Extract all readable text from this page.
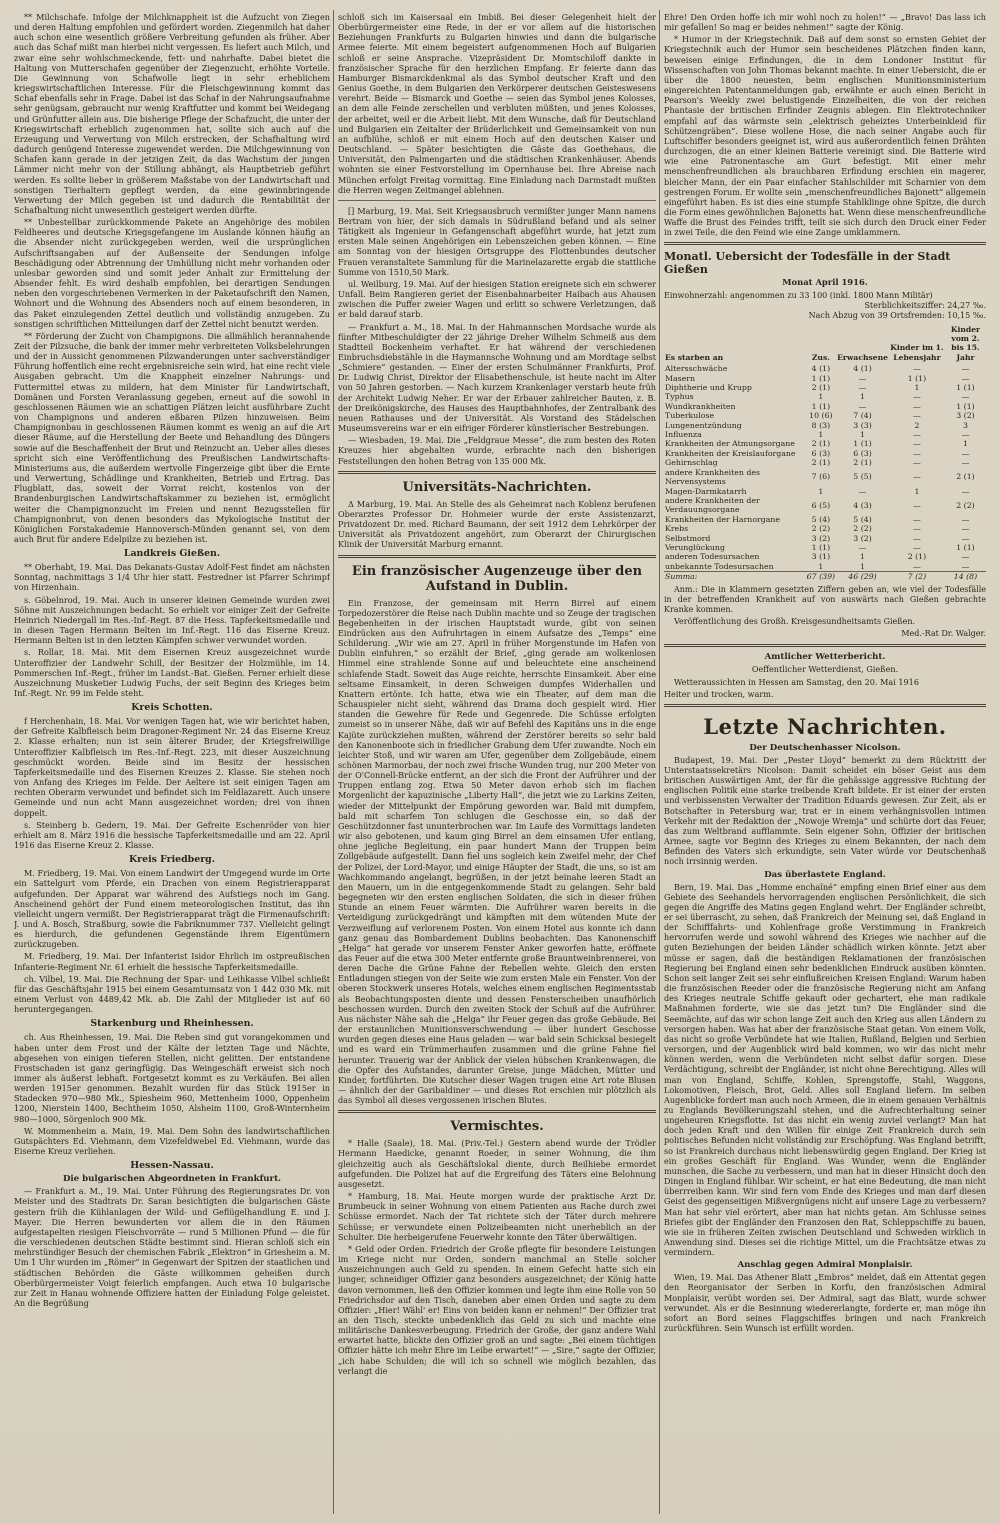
** Milchschafe. Infolge der Milchknappheit ist die Aufzucht von Ziegen und deren Haltung empfohlen und gefördert worden. Ziegenmilch hat daher auch schon eine wesentlich größere Verbreitung gefunden als früher. Aber auch das Schaf mißt man hierbei nicht vergessen. Es liefert auch Milch, und zwar eine sehr wohlschmeckende, fett- und nahrhafte. Dabei bietet die Haltung von Mutterschafen gegenüber der Ziegenzucht, erhöhte Vorteile. Die Gewinnung von Schafwolle liegt in sehr erheblichem kriegswirtschaftlichen Interesse. Für die Fleischgewinnung kommt das Schaf ebenfalls sehr in Frage. Dabei ist das Schaf in der Nahrungsaufnahme sehr genügsam, gebraucht nur wenig Kraftfutter und kommt bei Weidegang und Grünfutter allein aus. Die bisherige Pflege der Schafzucht, die unter der Kriegswirtschaft erheblich zugenommen hat, sollte sich auch auf die Erzeugung und Verwertung von Milch erstrecken, der Schafhaltung wird dadurch genügend Interesse zugewendet werden. Die Milchgewinnung von Schafen kann gerade in der jetzigen Zeit, da das Wachstum der jungen Lämmer nicht mehr von der Stillung abhängt, als Hauptbetrieb geführt werden. Es sollte lieber in größerem Maßstabe von der Landwirtschaft und sonstigen Tierhaltern gepflegt werden, da eine gewinnbringende Verwertung der Milch gegeben ist und dadurch die Rentabilität der Schafhaltung nicht unwesentlich gesteigert werden dürfte.

** Unbestellbar zurückkommende Pakete an Angehörige des mobilen Feldheeres und deutsche Kriegsgefangene im Auslande können häufig an die Absender nicht zurückgegeben werden, weil die ursprünglichen Aufschriftsangaben auf der Außenseite der Sendungen infolge Beschädigung oder Abtrennung der Umhüllung nicht mehr vorhanden oder unlesbar geworden sind und somit jeder Anhalt zur Ermittelung der Absender fehlt. Es wird deshalb empfohlen, bei derartigen Sendungen neben den vorgeschriebenen Vermerken in der Paketaufschrift den Namen, Wohnort und die Wohnung des Absenders noch auf einem besonderen, in das Paket einzulegenden Zettel deutlich und vollständig anzugeben. Zu sonstigen schriftlichen Mitteilungen darf der Zettel nicht benutzt werden.

** Förderung der Zucht von Champignons. Die allmählich herannahende Zeit der Pilzsuche, die bank der immer mehr verbreiteten Volksbelehrungen und der in Aussicht genommenen Pilzwanderungen unter sachverständiger Führung hoffentlich eine recht ergebnisreiche sein wird, hat eine recht viele Ausgaben gebracht. Um die Knappheit einzelner Nahrungs- und Futtermittel etwas zu mildern, hat dem Minister für Landwirtschaft, Domänen und Forsten Veranlassung gegeben, erneut auf die sowohl in geschlossenen Räumen wie an schattigen Plätzen leicht ausführbare Zucht von Champignons und anderen eßbaren Pilzen hinzuweisen. Beim Champignonbau in geschlossenen Räumen kommt es wenig an auf die Art dieser Räume, auf die Herstellung der Beete und Behandlung des Düngers sowie auf die Beschaffenheit der Brut und Reinzucht an. Ueber alles dieses spricht sich eine Veröffentlichung des Preußischen Landwirtschafts-Ministeriums aus, die außerdem wertvolle Fingerzeige gibt über die Ernte und Verwertung, Schädlinge und Krankheiten, Betrieb und Ertrag. Das Flugblatt, das, soweit der Vorrat reicht, kostenlos von der Brandenburgischen Landwirtschaftskammer zu beziehen ist, ermöglicht weiter die Champignonzucht im Freien und nennt Bezugsstellen für Champignonbrut, von denen besonders das Mykologische Institut der Königlichen Forstakademie Hannoversch-Münden genannt sei, von dem auch Brut für andere Edelpilze zu beziehen ist.

Landkreis Gießen.

** Oberhabt, 19. Mai. Das Dekanats-Gustav Adolf-Fest findet am nächsten Sonntag, nachmittags 3 1/4 Uhr hier statt. Festredner ist Pfarrer Schrimpf von Hirzenhain.

s. Göbelnrod, 19. Mai. Auch in unserer kleinen Gemeinde wurden zwei Söhne mit Auszeichnungen bedacht. So erhielt vor einiger Zeit der Gefreite Heinrich Niedergall im Res.-Inf.-Regt. 87 die Hess. Tapferkeitsmedaille und in diesen Tagen Hermann Belten im Inf.-Regt. 116 das Eiserne Kreuz. Hermann Belten ist in den letzten Kämpfen schwer verwundet worden.

s. Rollar, 18. Mai. Mit dem Eisernen Kreuz ausgezeichnet wurde Unteroffizier der Landwehr Schill, der Besitzer der Holzmühle, im 14. Pommerschen Inf.-Regt., früher im Landst.-Bat. Gießen. Ferner erhielt diese Auszeichnung Musketier Ludwig Fuchs, der seit Beginn des Krieges beim Inf.-Regt. Nr. 99 im Felde steht.

Kreis Schotten.

f Herchenhain, 18. Mai. Vor wenigen Tagen hat, wie wir berichtet haben, der Gefreite Kalbfleisch beim Dragoner-Regiment Nr. 24 das Eiserne Kreuz 2. Klasse erhalten; nun ist sein älterer Bruder, der Kriegsfreiwillige Unteroffizier Kalbfleisch im Res.-Inf.-Regt. 223, mit dieser Auszeichnung geschmückt worden. Beide sind im Besitz der hessischen Tapferkeitsmedaille und des Eisernen Kreuzes 2. Klasse. Sie stehen noch von Anfang des Krieges im Felde. Der Aeltere ist seit einigen Tagen am rechten Oberarm verwundet und befindet sich im Feldlazarett. Auch unsere Gemeinde und nun acht Mann ausgezeichnet worden; drei von ihnen doppelt.

s. Steinberg b. Gedern, 19. Mai. Der Gefreite Eschenröder von hier erhielt am 8. März 1916 die hessische Tapferkeitsmedaille und am 22. April 1916 das Eiserne Kreuz 2. Klasse.

Kreis Friedberg.

M. Friedberg, 19. Mai. Von einem Landwirt der Umgegend wurde im Orte ein Sattelgurt vom Pferde, ein Drachen von einem Registrierapparat aufgefunden. Der Apparat war während des Aufstiegs noch im Gang. Anscheinend gehört der Fund einem meteorologischen Institut, das ihn vielleicht ungern vermißt. Der Registrierapparat trägt die Firmenaufschrift: J. und A. Bosch, Straßburg, sowie die Fabriknummer 737. Vielleicht gelingt es hierdurch, die gefundenen Gegenstände ihrem Eigentümern zurückzugeben.

M. Friedberg, 19. Mai. Der Infanterist Isidor Ehrlich im ostpreußischen Infanterie-Regiment Nr. 61 erhielt die hessische Tapferkeitsmedaille.

ch. Vilbel, 19. Mai. Die Rechnung der Spar- und Leihkasse Vilbel schließt für das Geschäftsjahr 1915 bei einem Gesamtumsatz von 1 442 030 Mk. mit einem Verlust von 4489,42 Mk. ab. Die Zahl der Mitglieder ist auf 60 heruntergegangen.

Starkenburg und Rheinhessen.

ch. Aus Rheinhessen, 19. Mai. Die Reben sind gut vorangekommen und haben unter dem Frost und der Kälte der letzten Tage und Nächte, abgesehen von einigen tieferen Stellen, nicht gelitten. Der entstandene Frostschaden ist ganz geringfügig. Das Weingeschäft erweist sich noch immer als äußerst lebhaft. Fortgesetzt kommt es zu Verkäufen. Bei allen werden 1915er genommen. Bezahlt wurden für das Stück 1915er in Stadecken 970—980 Mk., Spiesheim 960, Mettenheim 1000, Oppenheim 1200, Nierstein 1400, Bechtheim 1050, Alsheim 1100, Groß-Winternheim 980—1000, Sörgenloch 900 Mk.

W. Mommenheim a. Main, 19. Mai. Dem Sohn des landwirtschaftlichen Gutspächters Ed. Viehmann, dem Vizefeldwebel Ed. Viehmann, wurde das Eiserne Kreuz verliehen.

Hessen-Nassau.
Die bulgarischen Abgeordneten in Frankfurt.

— Frankfurt a. M., 19. Mai. Unter Führung des Regierungsrates Dr. von Meister und des Stadtrats Dr. Saran besichtigten die bulgarischen Gäste gestern früh die Kühlanlagen der Wild- und Geflügelhandlung E. und J. Mayer. Die Herren bewunderten vor allem die in den Räumen aufgestapelten riesigen Fleischvorräte — rund 5 Millionen Pfund — die für die verschiedenen deutschen Städte bestimmt sind. Hieran schloß sich ein mehrstündiger Besuch der chemischen Fabrik „Elektron“ in Griesheim a. M. Um 1 Uhr wurden im „Römer“ in Gegenwart der Spitzen der staatlichen und städtischen Behörden die Gäste willkommen geheißen durch Oberbürgermeister Voigt feierlich empfangen. Auch etwa 10 bulgarische zur Zeit in Hanau wohnende Offiziere hatten der Einladung Folge geleistet. An die Begrüßung

schloß sich im Kaisersaal ein Imbiß. Bei dieser Gelegenheit hielt der Oberbürgermeister eine Rede, in der er vor allem auf die historischen Beziehungen Frankfurts zu Bulgarien hinwies und dann die bulgarische Armee feierte. Mit einem begeistert aufgenommenen Hoch auf Bulgarien schloß er seine Ansprache. Vizepräsident Dr. Momtschiloff dankte in französischer Sprache für den herzlichen Empfang. Er feierte dann das Hamburger Bismarckdenkmal als das Symbol deutscher Kraft und den Genius Goethe, in dem Bulgarien den Verkörperer deutschen Geisteswesens verehrt. Beide — Bismarck und Goethe — seien das Symbol jenes Kolosses, an dem alle Feinde zerschellen und verbluten müßten, und jenes Kolosses, der arbeitet, weil er die Arbeit liebt. Mit dem Wunsche, daß für Deutschland und Bulgarien ein Zeitalter der Brüderlichkeit und Gemeinsamkeit von nun an aufblühe, schloß er mit einem Hoch auf den deutschen Kaiser und Deutschland. — Später besichtigten die Gäste das Goethehaus, die Universität, den Palmengarten und die städtischen Krankenhäuser. Abends wohnten sie einer Festvorstellung im Opernhause bei. Ihre Abreise nach München erfolgt Freitag vormittag. Eine Einladung nach Darmstadt mußten die Herren wegen Zeitmangel ablehnen.

[] Marburg, 19. Mai. Seit Kriegsausbruch vermißter junger Mann namens Bertram von hier, der sich damals in Südrußland befand und als seiner Tätigkeit als Ingenieur in Gefangenschaft abgeführt wurde, hat jetzt zum ersten Male seinen Angehörigen ein Lebenszeichen geben können. — Eine am Sonntag von der hiesigen Ortsgruppe des Flottenbundes deutscher Frauen veranstaltete Sammlung für die Marinelazarette ergab die stattliche Summe von 1510,50 Mark.

ul. Weilburg, 19. Mai. Auf der hiesigen Station ereignete sich ein schwerer Unfall. Beim Rangieren geriet der Eisenbahnarbeiter Haibach aus Ahausen zwischen die Puffer zweier Wagen und erlitt so schwere Verletzungen, daß er bald darauf starb.

— Frankfurt a. M., 18. Mai. In der Hahmannschen Mordsache wurde als fünfter Mitbeschuldigter der 22 jährige Dreher Wilhelm Schmeiß aus dem Stadtteil Bockenheim verhaftet. Er hat während der verschiedenen Einbruchsdiebstähle in die Haymannsche Wohnung und am Mordtage selbst „Schmiere“ gestanden. — Einer der ersten Schulmänner Frankfurts, Prof. Dr. Ludwig Christ, Direktor der Elisabethenschule, ist heute nacht im Alter von 50 Jahren gestorben. — Nach kurzem Krankenlager verstarb heute früh der Architekt Ludwig Neher. Er war der Erbauer zahlreicher Bauten, z. B. der Dreikönigskirche, des Hauses des Hauptbahnhofes, der Zentralbank des neuen Rathauses und der Universität. Als Vorstand des Städelschen Museumsvereins war er ein eifriger Förderer künstlerischer Bestrebungen.

— Wiesbaden, 19. Mai. Die „Feldgraue Messe“, die zum besten des Roten Kreuzes hier abgehalten wurde, erbrachte nach den bisherigen Feststellungen den hohen Betrag von 135 000 Mk.

Universitäts-Nachrichten.

Δ Marburg, 19. Mai. An Stelle des als Geheimrat nach Koblenz berufenen Oberarztes Professor Dr. Hohmeier wurde der erste Assistenzarzt, Privatdozent Dr. med. Richard Baumann, der seit 1912 dem Lehrkörper der Universität als Privatdozent angehört, zum Oberarzt der Chirurgischen Klinik der Universität Marburg ernannt.

Ein französischer Augenzeuge über den Aufstand in Dublin.

Ein Franzose, der gemeinsam mit Herrn Birrel auf einem Torpedozerstörer die Reise nach Dublin machte und so Zeuge der tragischen Begebenheiten in der irischen Hauptstadt wurde, gibt von seinen Eindrücken aus den Aufruhrtagen in einem Aufsatze des „Temps“ eine Schilderung. „Wir wie am 27. April in früher Morgenstunde im Hafen von Dublin einfuhren,“ so erzählt der Brief, „ging gerade am wolkenlosen Himmel eine strahlende Sonne auf und beleuchtete eine anscheinend schlafende Stadt. Soweit das Auge reichte, herrschte Einsamkeit. Aber eine seltsame Einsamkeit, in deren Schweigen dumpfes Widerhallen und Knattern ertönte. Ich hatte, etwa wie ein Theater, auf dem man die Schauspieler nicht sieht, während das Drama doch gespielt wird. Hier standen die Gewehre für Rede und Gegenrede. Die Schüsse erfolgten zumeist so in unserer Nähe, daß wir auf Befehl des Kapitäns uns in die enge Kajüte zurückziehen mußten, während der Zerstörer bereits so sehr bald den Kanonenboote sich in friedlicher Grabung dem Ufer zuwandte. Noch ein leichter Stoß, und wir waren am Ufer, gegenüber dem Zollgebäude, einem schönen Marmorbau, der noch zwei frische Wunden trug, nur 200 Meter von der O'Connell-Brücke entfernt, an der sich die Front der Aufrührer und der Truppen entlang zog. Etwa 50 Meter davon erhob sich im flachen Morgenlicht der kapuzinische „Liberty Hall“, die jetzt wie zu Larkins Zeiten, wieder der Mittelpunkt der Empörung geworden war. Bald mit dumpfem, bald mit scharfem Ton schlugen die Geschosse ein, so daß der Geschützdonner fast ununterbrochen war. Im Laufe des Vormittags landeten wir also gebotenen, und kaum ging Birrel an dem einsamen Ufer entlang, ohne jegliche Begleitung, ein paar hundert Mann der Truppen beim Zollgebäude aufgestellt. Dann fiel uns sogleich kein Zweifel mehr, der Chef der Polizei, der Lord-Mayor, und einige Häupter der Stadt, die uns, so ist am Wachkommando angelangt, begrüßen, in der jetzt beinahe leeren Stadt an den Mauern, um in die entgegenkommende Stadt zu gelangen. Sehr bald begegneten wir den ersten englischen Soldaten, die sich in dieser frühen Stunde an einem Feuer wärmten. Die Aufrührer waren bereits in die Verteidigung zurückgedrängt und kämpften mit dem wütenden Mute der Verzweiflung auf verlorenem Posten. Von einem Hotel aus konnte ich dann ganz genau das Bombardement Dublins beobachten. Das Kanonenschiff „Helga“ hat gerade vor unserem Fenster Anker geworfen hatte, eröffnete das Feuer auf die etwa 300 Meter entfernte große Brauntweinbrennerei, von deren Dache die Grüne Fahne der Rebellen wehte. Gleich den ersten Entladungen stiegen von der Seite wie zum ersten Male ein Fenster. Von der oberen Stockwerk unseres Hotels, welches einem englischen Regimentsstab als Beobachtungsposten diente und dessen Fensterscheiben unaufhörlich beschossen wurden. Durch den zweiten Stock der Schuß auf die Aufrührer. Aus nächster Nähe sah die „Helga“ ihr Feuer gegen das große Gebäude. Bei der erstaunlichen Munitionsverschwendung — über hundert Geschosse wurden gegen dieses eine Haus geladen — war bald sein Schicksal besiegelt und es ward ein Trümmerhaufen zusammen und die grüne Fahne fiel herunter. Trauerig war der Anblick der vielen hübschen Krankenwagen, die die Opfer des Aufstandes, darunter Greise, junge Mädchen, Mütter und Kinder, fortführten. Die Kutscher dieser Wagen trugen eine Art rote Blusen — ähnlich der der Garibaldiner — und dieses Rot erschien mir plötzlich als das Symbol all dieses vergossenen irischen Blutes.

Vermischtes.

* Halle (Saale), 18. Mai. (Priv.-Tel.) Gestern abend wurde der Trödler Hermann Haedicke, genannt Roeder, in seiner Wohnung, die ihm gleichzeitig auch als Geschäftslokal diente, durch Beilhiebe ermordet aufgefunden. Die Polizei hat auf die Ergreifung des Täters eine Belohnung ausgesetzt.

* Hamburg, 18. Mai. Heute morgen wurde der praktische Arzt Dr. Brumbeuck in seiner Wohnung von einem Patienten aus Rache durch zwei Schüsse ermordet. Nach der Tat richtete sich der Täter durch mehrere Schüsse; er verwundete einen Polizeibeamten nicht unerheblich an der Schulter. Die herbeigerufene Feuerwehr konnte den Täter überwältigen.

* Geld oder Orden. Friedrich der Große pflegte für besondere Leistungen im Kriege nicht nur Orden, sondern manchmal an Stelle solcher Auszeichnungen auch Geld zu spenden. In einem Gefecht hatte sich ein junger, schneidiger Offizier ganz besonders ausgezeichnet; der König hatte davon vernommen, ließ den Offizier kommen und legte ihm eine Rolle von 50 Friedrichsdor auf den Tisch, daneben aber einen Orden und sagte zu dem Offizier: „Hier! Wähl' er! Eins von beiden kann er nehmen!“ Der Offizier trat an den Tisch, steckte unbedenklich das Geld zu sich und machte eine militärische Dankesverbeugung. Friedrich der Große, der ganz andere Wahl erwartet hatte, blickte den Offizier groß an und sagte: „Bei einem tüchtigen Offizier hätte ich mehr Ehre im Leibe erwartet!“ — „Sire,“ sagte der Offizier, „ich habe Schulden; die will ich so schnell wie möglich bezahlen, das verlangt die

Ehre! Den Orden hoffe ich mir wohl noch zu holen!“ — „Bravo! Das lass ich mir gefallen! So mag er beides nehmen!“ sagte der König.

* Humor in der Kriegstechnik. Daß auf dem sonst so ernsten Gebiet der Kriegstechnik auch der Humor sein bescheidenes Plätzchen finden kann, beweisen einige Erfindungen, die in dem Londoner Institut für Wissenschaften von John Thomas bekannt machte. In einer Uebersicht, die er über die 1800 neuesten, beim englischen Munitionsministerium eingereichten Patentanmeldungen gab, erwähnte er auch einen Bericht in Pearson's Weekly zwei belustigende Einzelheiten, die von der reichen Phantasie der britischen Erfinder Zeugnis ablegen. Ein Elektrotechniker empfahl auf das wärmste sein „elektrisch geheiztes Unterbeinkleid für Schützengräben“. Diese wollene Hose, die nach seiner Angabe auch für Luftschiffer besonders geeignet ist, wird aus außerordentlich feinen Drähten durchzogen, die an einer kleinen Batterie vereinigt sind. Die Batterie wird wie eine Patronentasche am Gurt befestigt. Mit einer mehr menschenfreundlichen als brauchbaren Erfindung erschien ein magerer, bleicher Mann, der ein Paar einfacher Stahlschilder mit Scharnier von dem gestrengen Forum. Er wollte sein „menschenfreundliches Bajonett“ allgemein eingeführt haben. Es ist dies eine stumpfe Stahlklinge ohne Spitze, die durch die Form eines gewöhnlichen Bajonetts hat. Wenn diese menschenfreundliche Waffe die Brust des Feindes trifft, teilt sie sich durch den Druck einer Feder in zwei Teile, die den Feind wie eine Zange umklammern.

Monatl. Uebersicht der Todesfälle in der Stadt Gießen
Monat April 1916.

Einwohnerzahl: angenommen zu 33 100 (inkl. 1800 Mann Militär)

Sterblichkeitsziffer: 24,27 ‰.

Nach Abzug von 39 Ortsfremden: 10,15 ‰.

Es starben an	Zus.	Erwachsene	Kinder im 1. Lebensjahr	Kinder vom 2. bis 15. Jahr
Altersschwäche	4 (1)	4 (1)	—	—
Masern	1 (1)	—	1 (1)	—
Diphtherie und Krupp	2 (1)	—	1	1 (1)
Typhus	1	1	—	—
Wundkrankheiten	1 (1)	—	—	1 (1)
Tuberkulose	10 (6)	7 (4)	—	3 (2)
Lungenentzündung	8 (3)	3 (3)	2	3
Influenza	1	1	—	—
Krankheiten der Atmungsorgane	2 (1)	1 (1)	—	1
Krankheiten der Kreislauforgane	6 (3)	6 (3)	—	—
Gehirnschlag	2 (1)	2 (1)	—	—
andere Krankheiten des Nervensystems	7 (6)	5 (5)	—	2 (1)
Magen-Darmkatarrh	1	—	1	—
andere Krankheiten der Verdauungsorgane	6 (5)	4 (3)	—	2 (2)
Krankheiten der Harnorgane	5 (4)	5 (4)	—	—
Krebs	2 (2)	2 (2)	—	—
Selbstmord	3 (2)	3 (2)	—	—
Verunglückung	1 (1)	—	—	1 (1)
anderen Todesursachen	3 (1)	1	2 (1)	—
unbekannte Todesursachen	1	1	—	—
Summa:	67 (39)	46 (29)	7 (2)	14 (8)

Anm.: Die in Klammern gesetzten Ziffern geben an, wie viel der Todesfälle in der betreffenden Krankheit auf von auswärts nach Gießen gebrachte Kranke kommen.

Veröffentlichung des Großh. Kreisgesundheitsamts Gießen.

Med.-Rat Dr. Walger.

Amtlicher Wetterbericht.

Oeffentlicher Wetterdienst, Gießen.

Wetteraussichten in Hessen am Samstag, den 20. Mai 1916

Heiter und trocken, warm.

Letzte Nachrichten.
Der Deutschenhasser Nicolson.

Budapest, 19. Mai. Der „Pester Lloyd“ bemerkt zu dem Rücktritt der Unterstaatssekretärs Nicolson: Damit scheidet ein böser Geist aus dem britischen Auswärtigen Amt, der für die gehässige aggressive Richtung der englischen Politik eine starke treibende Kraft bildete. Er ist einer der ersten und verbissensten Verwalter der Tradition Eduards gewesen. Zur Zeit, als er Botschafter in Petersburg war, trat er in einem verhängnisvollen intimen Verkehr mit der Redaktion der „Nowoje Wremja“ und schürte dort das Feuer, das zum Weltbrand aufflammte. Sein eigener Sohn, Offizier der britischen Armee, sagte vor Beginn des Krieges zu einem Bekannten, der nach dem Befinden des Vaters sich erkundigte, sein Vater würde vor Deutschenhaß noch irrsinnig werden.

Das überlastete England.

Bern, 19. Mai. Das „Homme enchaîné“ empfing einen Brief einer aus dem Gebiete des Seehandels hervorragenden englischen Persönlichkeit, die sich gegen die Angriffe des Matins gegen England wehrt. Der Engländer schreibt, er sei überrascht, zu sehen, daß Frankreich der Meinung sei, daß England in der Schifffahrts- und Kohlenfrage große Verstimmung in Frankreich hervorrufen werde und sowohl während des Krieges wie nachher auf die guten Beziehungen der beiden Länder schädlich wirken könnte. Jetzt aber müsse er sagen, daß die beständigen Reklamationen der französischen Regierung bei England einen sehr bedenklichen Eindruck ausüben könnten. Schon seit langer Zeit sei sehr einflußreichen Kreisen England: Warum haben die französischen Reeder oder die französische Regierung nicht am Anfang des Krieges neutrale Schiffe gekauft oder gechartert, ehe man radikale Maßnahmen forderte, wie sie das jetzt tun? Die Engländer sind die Seemächte, auf das wir schon lange Zeit auch den Krieg aus allen Ländern zu versorgen haben. Was hat aber der französische Staat getan. Von einem Volk, das nicht so große Verbündete hat wie Italien, Rußland, Belgien und Serbien versorgen, und der Augenblick wird bald kommen, wo wir das nicht mehr können werden, wenn die Verbündeten nicht selbst dafür sorgen. Diese Verdächtigung, schreibt der Engländer, ist nicht ohne Berechtigung. Alles will man von England, Schiffe, Kohlen, Sprengstoffe, Stahl, Waggons, Lokomotiven, Fleisch, Brot, Geld. Alles soll England liefern. Im selben Augenblicke fordert man auch noch Armeen, die in einem genauen Verhältnis zu Englands Bevölkerungszahl stehen, und die Aufrechterhaltung seiner ungeheuren Kriegsflotte. Ist das nicht ein wenig zuviel verlangt? Man hat doch jeden Kraft und den Willen für einige Zeit Frankreich durch sein politisches Befunden nicht vollständig zur Erschöpfung. Was England betrifft, so ist Frankreich durchaus nicht liebenswürdig gegen England. Der Krieg ist ein großes Geschäft für England. Was Wunder, wenn die Engländer munschen, die Sache zu verbessern, und man hat in dieser Hinsicht doch den Dingen in England fühlbar. Wir scheint, er hat eine Bedeutung, die man nicht überrreiben kann. Wir sind fern vom Ende des Krieges und man darf diesen Geist des gegenseitigen Mißvergnügens nicht auf unsere Lage zu verbessern? Man hat sehr viel erörtert, aber man hat nichts getan. Am Schlusse seines Briefes gibt der Engländer den Franzosen den Rat, Schleppschiffe zu bauen, wie sie in früheren Zeiten zwischen Deutschland und Schweden wirklich in Anwendung sind. Dieses sei die richtige Mittel, um die Frachtsätze etwas zu vermindern.

Anschlag gegen Admiral Monplaisir.

Wien, 19. Mai. Das Athener Blatt „Embros“ meldet, daß ein Attentat gegen den Reorganisator der Serben in Korfu, den französischen Admiral Monplaisir, verübt worden sei. Der Admiral, sagt das Blatt, wurde schwer verwundet. Als er die Besinnung wiedererlangte, forderte er, man möge ihn sofort an Bord seines Flaggschiffes bringen und nach Frankreich zurückführen. Sein Wunsch ist erfüllt worden.
